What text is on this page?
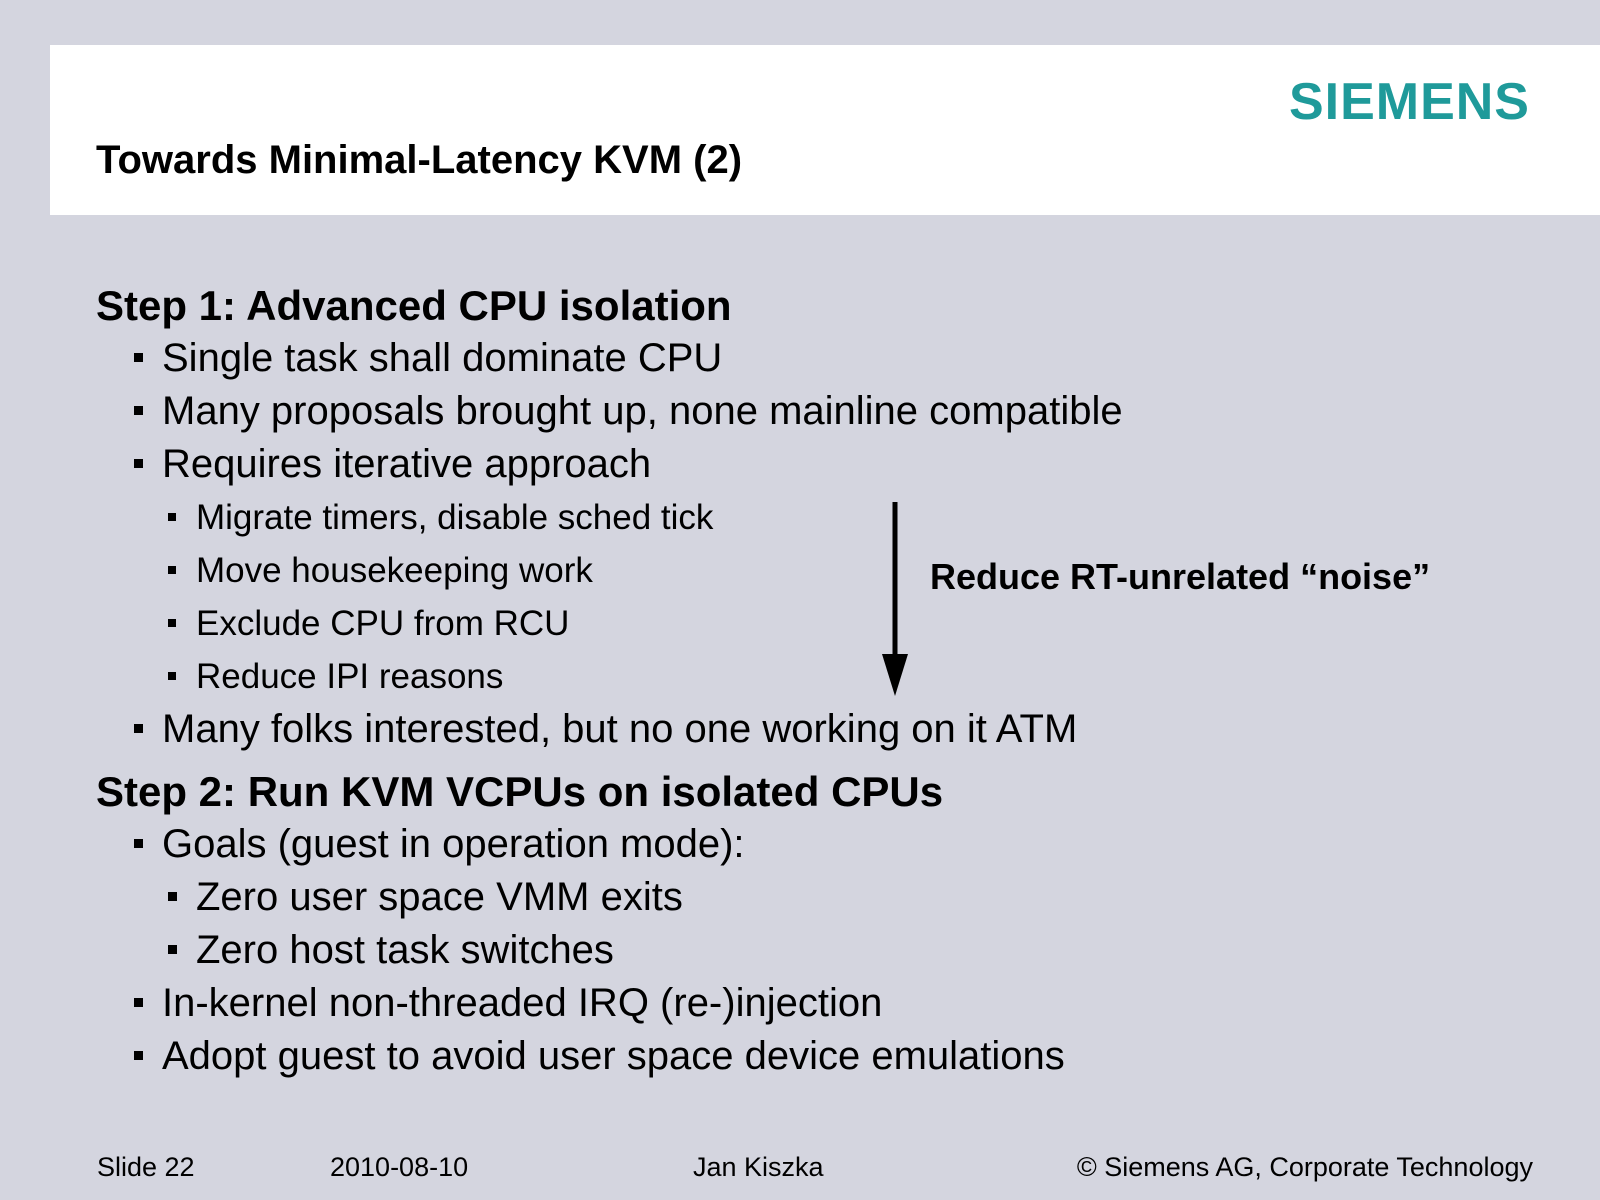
SIEMENS
Towards Minimal-Latency KVM (2)
Step 1: Advanced CPU isolation
Single task shall dominate CPU
Many proposals brought up, none mainline compatible
Requires iterative approach
Migrate timers, disable sched tick
Move housekeeping work
Exclude CPU from RCU
Reduce IPI reasons
Many folks interested, but no one working on it ATM
Step 2: Run KVM VCPUs on isolated CPUs
Goals (guest in operation mode):
Zero user space VMM exits
Zero host task switches
In-kernel non-threaded IRQ (re-)injection
Adopt guest to avoid user space device emulations
Reduce RT-unrelated “noise”
Slide 22	2010-08-10	Jan Kiszka	© Siemens AG, Corporate Technology
